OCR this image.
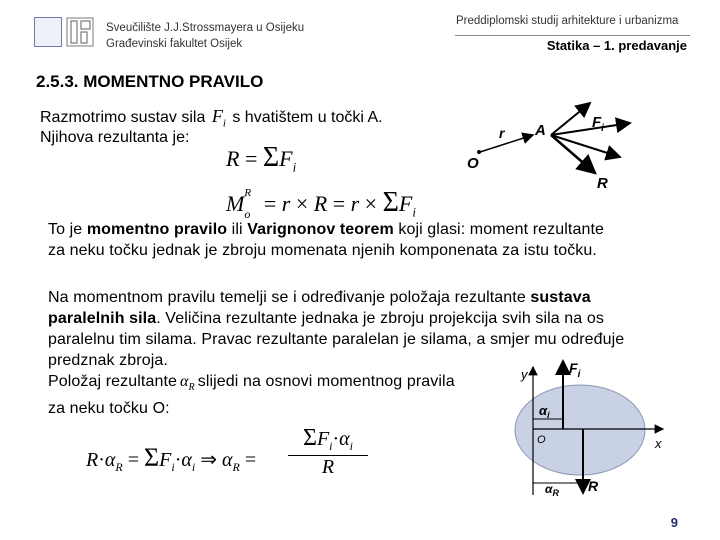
Sveučilište J.J.Strossmayera u Osijeku
Građevinski fakultet Osijek
Preddiplomski studij arhitekture i urbanizma
Statika – 1. predavanje
2.5.3. MOMENTNO PRAVILO
Razmotrimo sustav sila $F_i$ s hvatištem u točki A.
Njihova rezultanta je:
$R = \Sigma F_i$
M R
$o = r \times R = r \times \Sigma F_i$
O
r A	$F_i$
R
To je momentno pravilo ili Varignonov teorem koji glasi: moment rezultante
za neku točku jednak je zbroju momenata njenih komponenata za istu točku.
Na momentnom pravilu temelji se i određivanje položaja rezultante sustava
paralelnih sila. Veličina rezultante jednaka je zbroju projekcija svih sila na os
paralelnu tim silama. Pravac rezultante paralelan je silama, a smjer mu određuje
predznak zbroja.
Položaj rezultante $\alpha_R$ slijedi na osnovi momentnog pravila
za neku točku O:
$R\cdot\alpha_R = \Sigma F_i\cdot\alpha_i$ ⇒ $\alpha_R$ =
$\Sigma F_i\cdot\alpha_i$
R
y
x
O
$F_i$
$\alpha_i$
$\alpha_R$ R
9
